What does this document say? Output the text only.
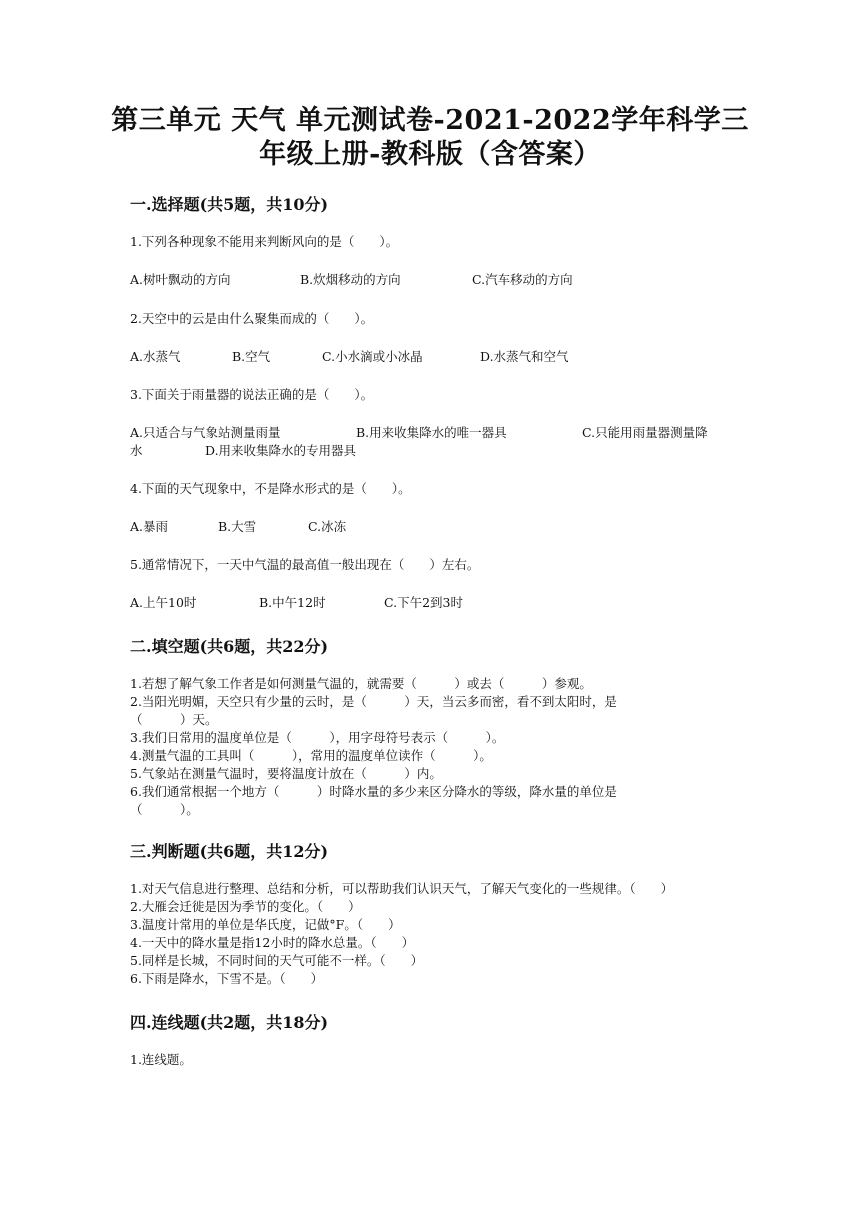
第三单元 天气 单元测试卷-2021-2022学年科学三
年级上册-教科版（含答案）
一.选择题(共5题，共10分)
1.下列各种现象不能用来判断风向的是（　　）。
A.树叶飘动的方向	B.炊烟移动的方向	C.汽车移动的方向
2.天空中的云是由什么聚集而成的（　　）。
A.水蒸气	B.空气	C.小水滴或小冰晶	D.水蒸气和空气
3.下面关于雨量器的说法正确的是（　　）。
A.只适合与气象站测量雨量	B.用来收集降水的唯一器具	C.只能用雨量器测量降
水	D.用来收集降水的专用器具
4.下面的天气现象中，不是降水形式的是（　　）。
A.暴雨	B.大雪	C.冰冻
5.通常情况下，一天中气温的最高值一般出现在（　　）左右。
A.上午10时	B.中午12时	C.下午2到3时
二.填空题(共6题，共22分)
1.若想了解气象工作者是如何测量气温的，就需要（　　　）或去（　　　）参观。
2.当阳光明媚，天空只有少量的云时，是（　　　）天，当云多而密，看不到太阳时，是
（　　　）天。
3.我们日常用的温度单位是（　　　），用字母符号表示（　　　）。
4.测量气温的工具叫（　　　），常用的温度单位读作（　　　）。
5.气象站在测量气温时，要将温度计放在（　　　）内。
6.我们通常根据一个地方（　　　）时降水量的多少来区分降水的等级，降水量的单位是
（　　　）。
三.判断题(共6题，共12分)
1.对天气信息进行整理、总结和分析，可以帮助我们认识天气，了解天气变化的一些规律。（　　）
2.大雁会迁徙是因为季节的变化。（　　）
3.温度计常用的单位是华氏度，记做°F。（　　）
4.一天中的降水量是指12小时的降水总量。（　　）
5.同样是长城，不同时间的天气可能不一样。（　　）
6.下雨是降水，下雪不是。（　　）
四.连线题(共2题，共18分)
1.连线题。
